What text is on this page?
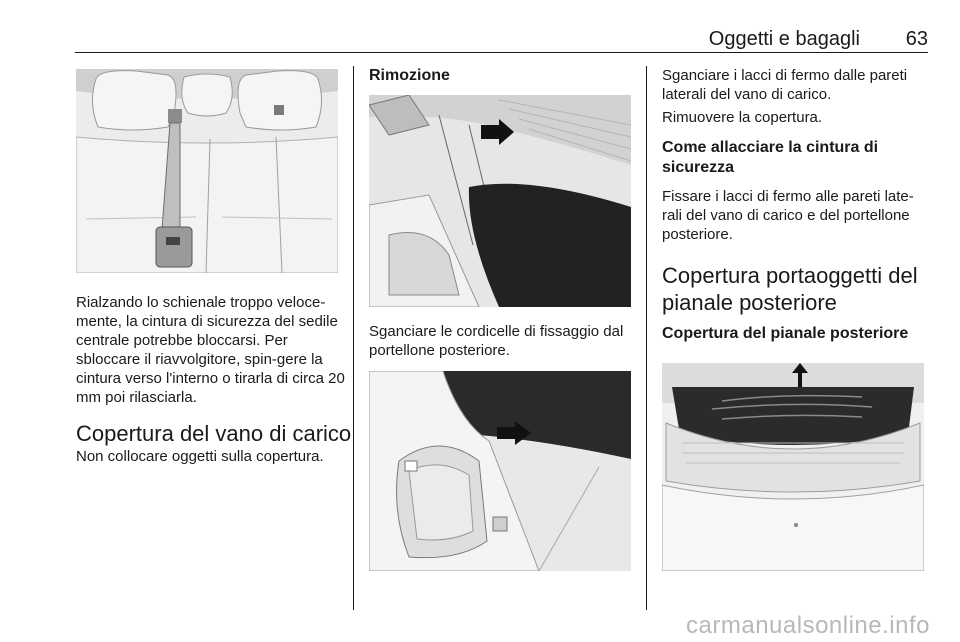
Oggetti e bagagli	63

Rialzando lo schienale troppo veloce-mente, la cintura di sicurezza del sedile centrale potrebbe bloccarsi. Per sbloccare il riavvolgitore, spin-gere la cintura verso l'interno o tirarla di circa 20 mm poi rilasciarla.

Copertura del vano di carico

Non collocare oggetti sulla copertura.

Rimozione

Sganciare le cordicelle di fissaggio dal portellone posteriore.

Sganciare i lacci di fermo dalle pareti laterali del vano di carico.

Rimuovere la copertura.

Come allacciare la cintura di sicurezza

Fissare i lacci di fermo alle pareti late-rali del vano di carico e del portellone posteriore.

Copertura portaoggetti del pianale posteriore
Copertura del pianale posteriore
carmanualsonline.info
